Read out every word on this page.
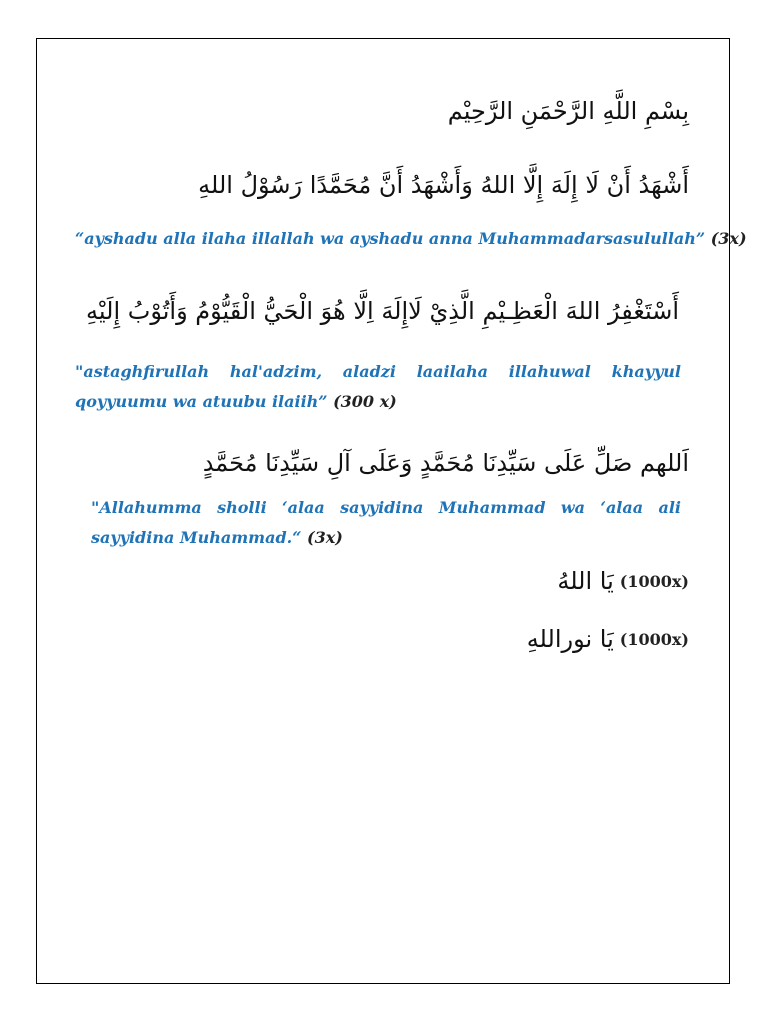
بِسْمِ اللَّهِ الرَّحْمَنِ الرَّحِيْم
أَشْهَدُ أَنْ لَا إِلَهَ إِلَّا اللهُ وَأَشْهَدُ أَنَّ مُحَمَّدًا رَسُوْلُ اللهِ
“ayshadu alla ilaha illallah wa ayshadu anna Muhammadarsasulullah” (3x)
أَسْتَغْفِرُ اللهَ الْعَظِـيْمِ الَّذِيْ لَاإِلَهَ اِلَّا هُوَ الْحَيُّ الْقَيُّوْمُ وَأَتُوْبُ إِلَيْهِ
"astaghfirullah hal'adzim, aladzi laailaha illahuwal khayyul qoyyuumu wa atuubu ilaiih” (300 x)
اَللهم صَلِّ عَلَى سَيِّدِنَا مُحَمَّدٍ وَعَلَى آلِ سَيِّدِنَا مُحَمَّدٍ
"Allahumma sholli ‘alaa sayyidina Muhammad wa ‘alaa ali sayyidina Muhammad.“ (3x)
يَا اللهُ (1000x)
يَا نوراللهِ (1000x)
